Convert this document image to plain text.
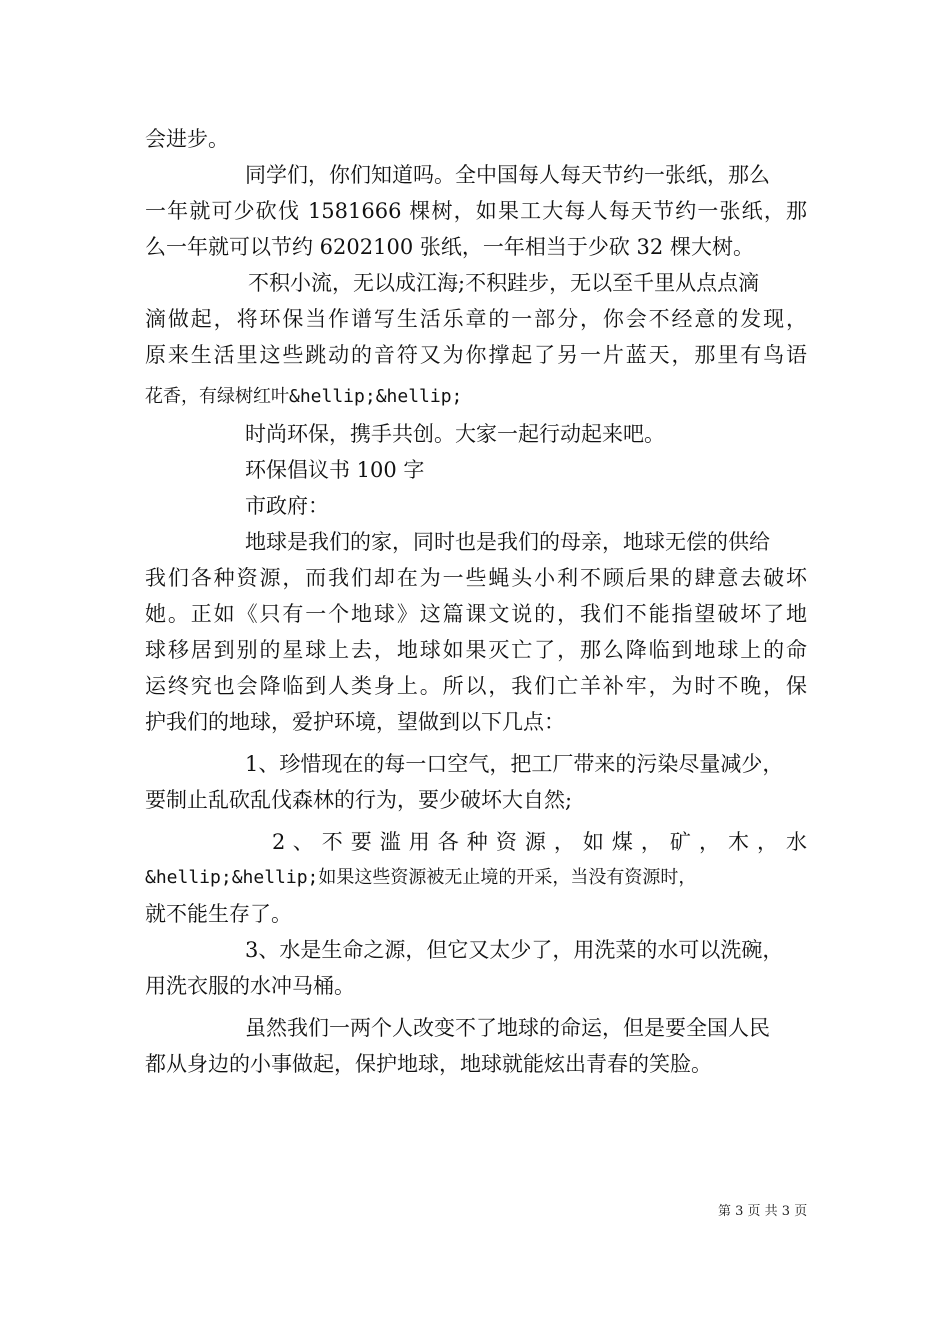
会进步。
同学们，你们知道吗。全中国每人每天节约一张纸，那么
一年就可少砍伐 1581666 棵树，如果工大每人每天节约一张纸，那
么一年就可以节约 6202100 张纸，一年相当于少砍 32 棵大树。
不积小流，无以成江海;不积跬步，无以至千里从点点滴
滴做起，将环保当作谱写生活乐章的一部分，你会不经意的发现，
原来生活里这些跳动的音符又为你撑起了另一片蓝天，那里有鸟语
花香，有绿树红叶&hellip;&hellip;
时尚环保，携手共创。大家一起行动起来吧。
环保倡议书 100 字
市政府：
地球是我们的家，同时也是我们的母亲，地球无偿的供给
我们各种资源，而我们却在为一些蝇头小利不顾后果的肆意去破坏
她。正如《只有一个地球》这篇课文说的，我们不能指望破坏了地
球移居到别的星球上去，地球如果灭亡了，那么降临到地球上的命
运终究也会降临到人类身上。所以，我们亡羊补牢，为时不晚，保
护我们的地球，爱护环境，望做到以下几点：
1、珍惜现在的每一口空气，把工厂带来的污染尽量减少，
要制止乱砍乱伐森林的行为，要少破坏大自然;
2 、 不 要 滥 用 各 种 资 源 ， 如 煤 ， 矿 ， 木 ， 水
&hellip;&hellip;如果这些资源被无止境的开采，当没有资源时，
就不能生存了。
3、水是生命之源，但它又太少了，用洗菜的水可以洗碗，
用洗衣服的水冲马桶。
虽然我们一两个人改变不了地球的命运，但是要全国人民
都从身边的小事做起，保护地球，地球就能炫出青春的笑脸。
第 3 页 共 3 页
